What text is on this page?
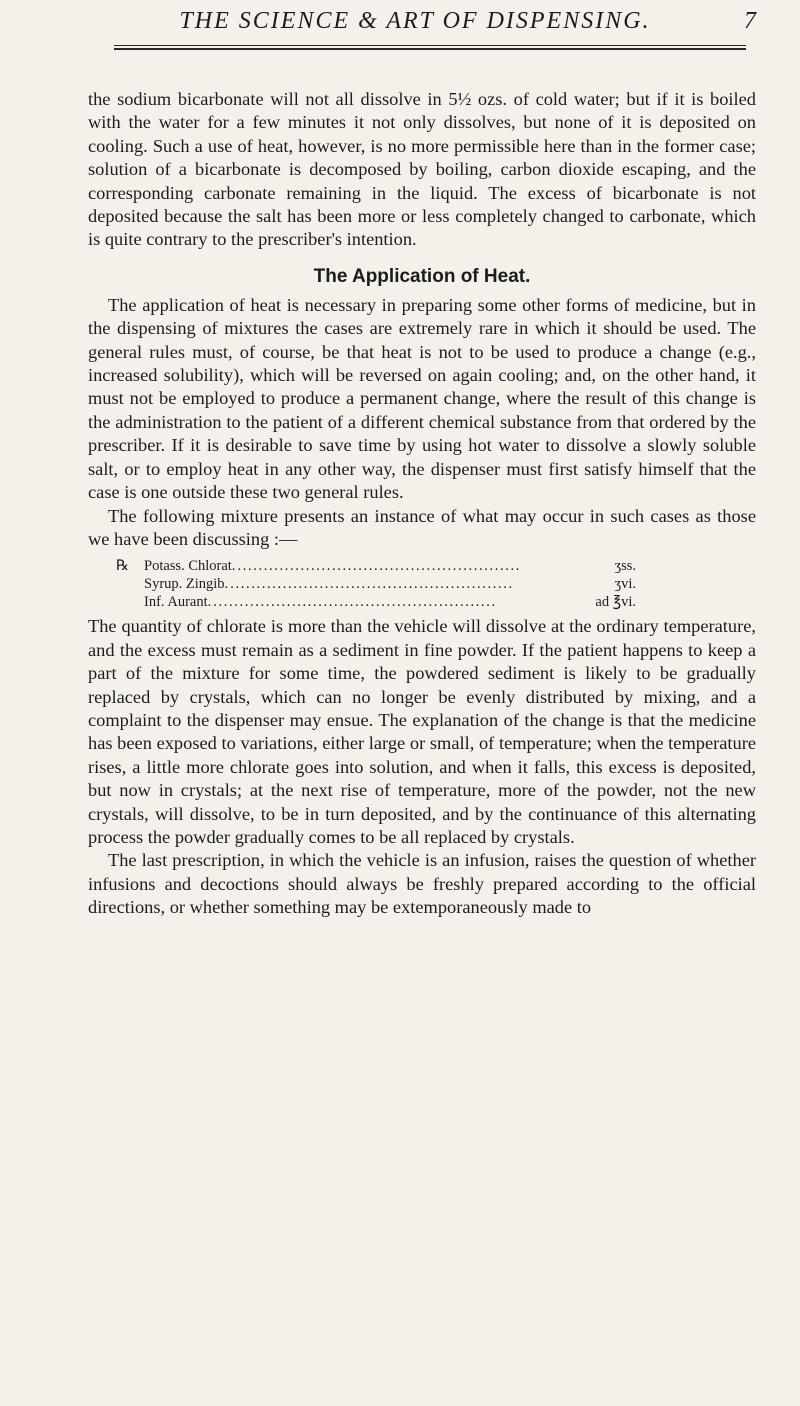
THE SCIENCE & ART OF DISPENSING.	7

the sodium bicarbonate will not all dissolve in 5½ ozs. of cold water; but if it is boiled with the water for a few minutes it not only dissolves, but none of it is deposited on cooling. Such a use of heat, however, is no more permissible here than in the former case; solution of a bicarbonate is decomposed by boiling, carbon dioxide escaping, and the corresponding carbonate remaining in the liquid. The excess of bicarbonate is not deposited because the salt has been more or less completely changed to carbonate, which is quite contrary to the prescriber's intention.

The Application of Heat.

The application of heat is necessary in preparing some other forms of medicine, but in the dispensing of mixtures the cases are extremely rare in which it should be used. The general rules must, of course, be that heat is not to be used to produce a change (e.g., increased solubility), which will be reversed on again cooling; and, on the other hand, it must not be employed to produce a permanent change, where the result of this change is the administration to the patient of a different chemical substance from that ordered by the prescriber. If it is desirable to save time by using hot water to dissolve a slowly soluble salt, or to employ heat in any other way, the dispenser must first satisfy himself that the case is one outside these two general rules.

The following mixture presents an instance of what may occur in such cases as those we have been discussing :—

℞	Potass. Chlorat. . . .	ʒss.
Syrup. Zingib. . . .	ʒvi.
Inf. Aurant. . . .	ad ℥vi.

The quantity of chlorate is more than the vehicle will dissolve at the ordinary temperature, and the excess must remain as a sediment in fine powder. If the patient happens to keep a part of the mixture for some time, the powdered sediment is likely to be gradually replaced by crystals, which can no longer be evenly distributed by mixing, and a complaint to the dispenser may ensue. The explanation of the change is that the medicine has been exposed to variations, either large or small, of temperature; when the temperature rises, a little more chlorate goes into solution, and when it falls, this excess is deposited, but now in crystals; at the next rise of temperature, more of the powder, not the new crystals, will dissolve, to be in turn deposited, and by the continuance of this alternating process the powder gradually comes to be all replaced by crystals.

The last prescription, in which the vehicle is an infusion, raises the question of whether infusions and decoctions should always be freshly prepared according to the official directions, or whether something may be extemporaneously made to
